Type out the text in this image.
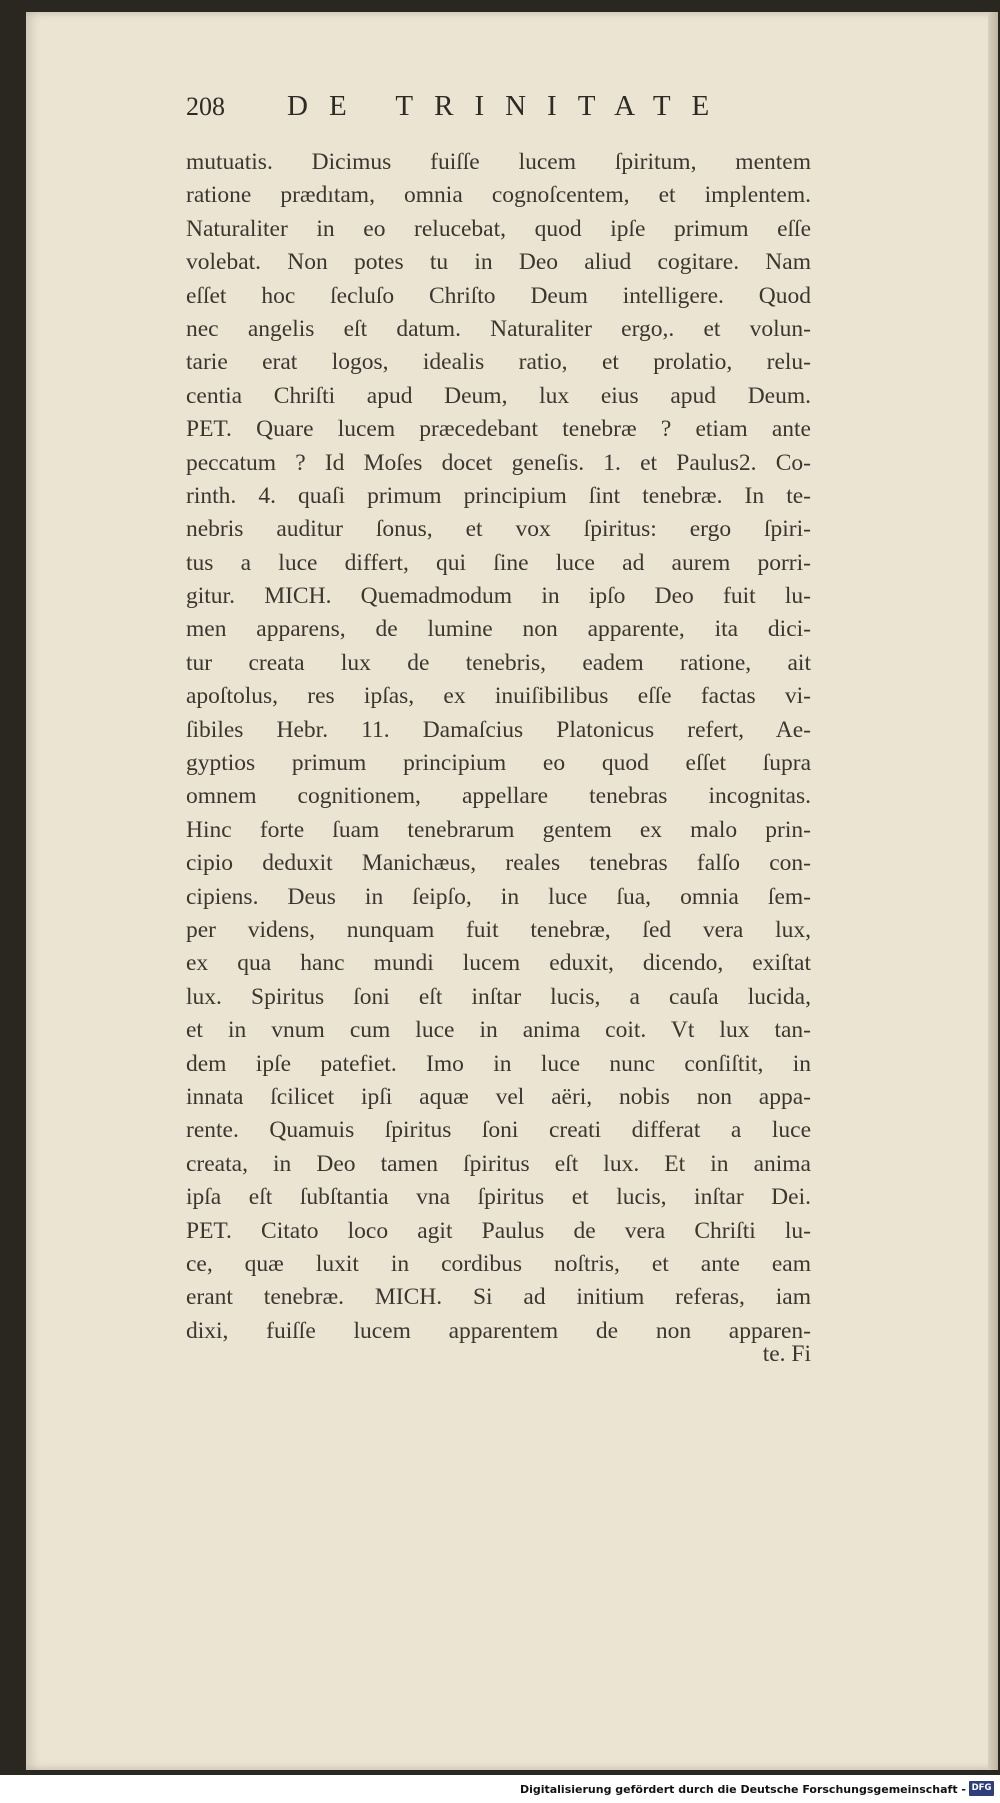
208 DE TRINITATE
mutuatis. Dicimus fuiſſe lucem ſpiritum, mentem
ratione prædıtam, omnia cognoſcentem, et implentem.
Naturaliter in eo relucebat, quod ipſe primum eſſe
volebat. Non potes tu in Deo aliud cogitare. Nam
eſſet hoc ſecluſo Chriſto Deum intelligere. Quod
nec angelis eſt datum. Naturaliter ergo,. et volun-
tarie erat logos, idealis ratio, et prolatio, relu-
centia Chriſti apud Deum, lux eius apud Deum.
PET. Quare lucem præcedebant tenebræ ? etiam ante
peccatum ? Id Moſes docet geneſis. 1. et Paulus2. Co-
rinth. 4. quaſi primum principium ſint tenebræ. In te-
nebris auditur ſonus, et vox ſpiritus: ergo ſpiri-
tus a luce differt, qui ſine luce ad aurem porri-
gitur. MICH. Quemadmodum in ipſo Deo fuit lu-
men apparens, de lumine non apparente, ita dici-
tur creata lux de tenebris, eadem ratione, ait
apoſtolus, res ipſas, ex inuiſibilibus eſſe factas vi-
ſibiles Hebr. 11. Damaſcius Platonicus refert, Ae-
gyptios primum principium eo quod eſſet ſupra
omnem cognitionem, appellare tenebras incognitas.
Hinc forte ſuam tenebrarum gentem ex malo prin-
cipio deduxit Manichæus, reales tenebras falſo con-
cipiens. Deus in ſeipſo, in luce ſua, omnia ſem-
per videns, nunquam fuit tenebræ, ſed vera lux,
ex qua hanc mundi lucem eduxit, dicendo, exiſtat
lux. Spiritus ſoni eſt inſtar lucis, a cauſa lucida,
et in vnum cum luce in anima coit. Vt lux tan-
dem ipſe patefiet. Imo in luce nunc conſiſtit, in
innata ſcilicet ipſi aquæ vel aëri, nobis non appa-
rente. Quamuis ſpiritus ſoni creati differat a luce
creata, in Deo tamen ſpiritus eſt lux. Et in anima
ipſa eſt ſubſtantia vna ſpiritus et lucis, inſtar Dei.
PET. Citato loco agit Paulus de vera Chriſti lu-
ce, quæ luxit in cordibus noſtris, et ante eam
erant tenebræ. MICH. Si ad initium referas, iam
dixi, fuiſſe lucem apparentem de non apparen-
te. Fi
Digitalisierung gefördert durch die Deutsche Forschungsgemeinschaft - DFG
